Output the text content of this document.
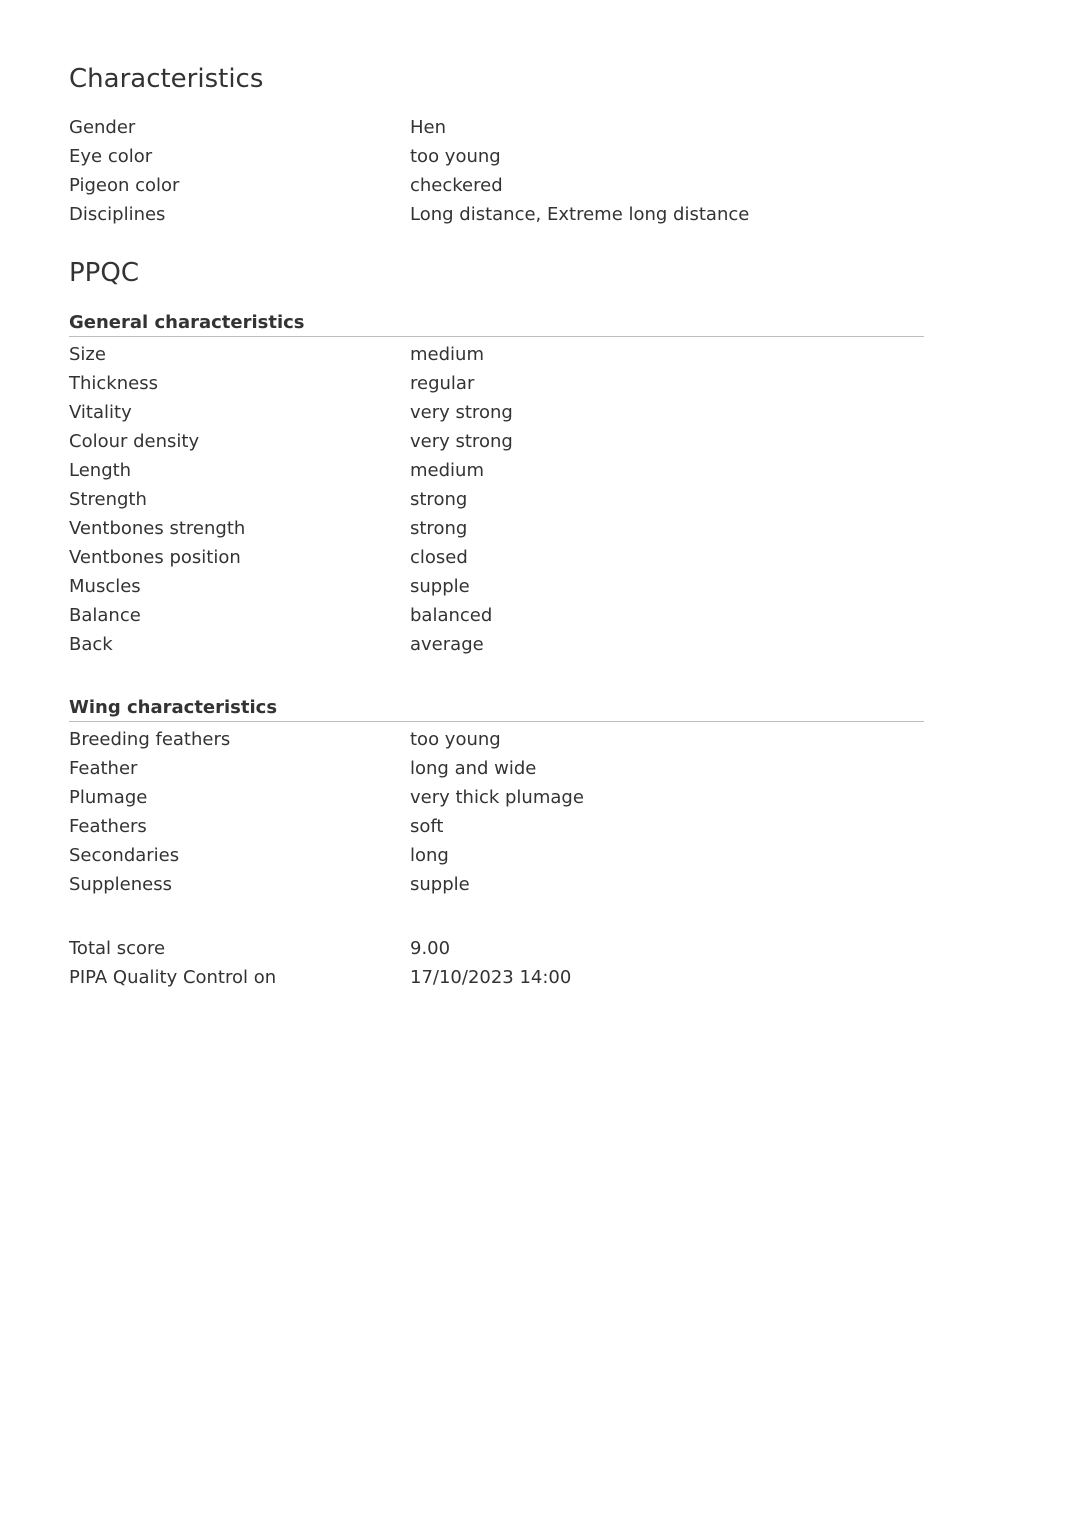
Characteristics
Gender	Hen
Eye color	too young
Pigeon color	checkered
Disciplines	Long distance, Extreme long distance
PPQC
General characteristics
Size	medium
Thickness	regular
Vitality	very strong
Colour density	very strong
Length	medium
Strength	strong
Ventbones strength	strong
Ventbones position	closed
Muscles	supple
Balance	balanced
Back	average
Wing characteristics
Breeding feathers	too young
Feather	long and wide
Plumage	very thick plumage
Feathers	soft
Secondaries	long
Suppleness	supple
Total score	9.00
PIPA Quality Control on	17/10/2023 14:00
